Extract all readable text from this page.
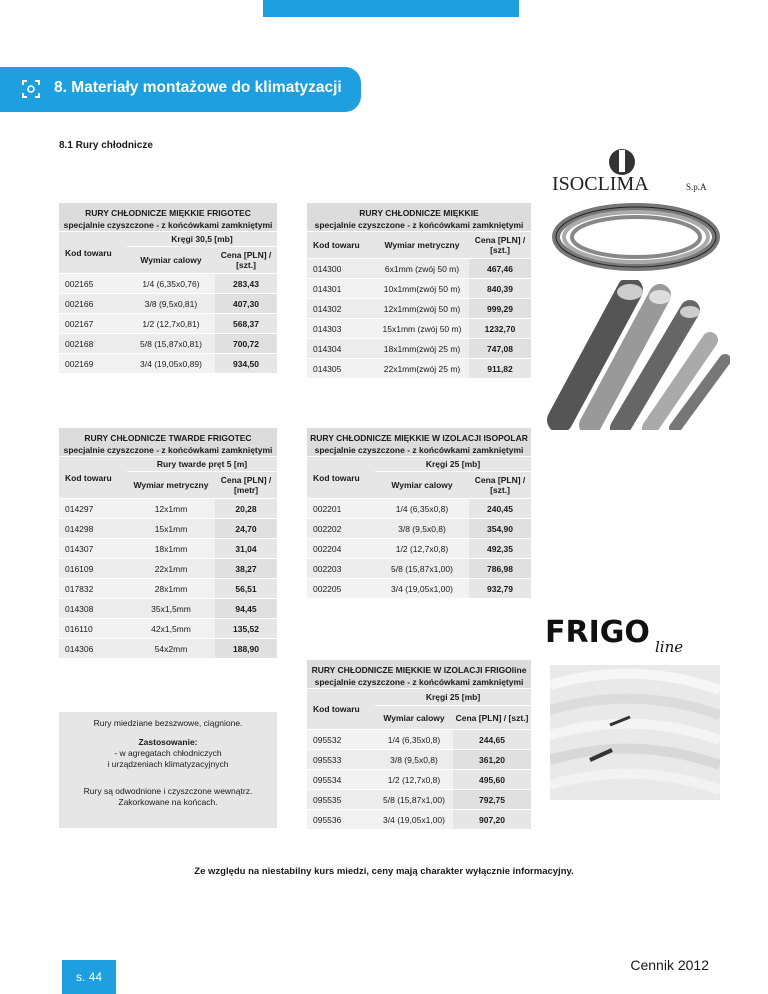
8. Materiały montażowe do klimatyzacji
8.1 Rury chłodnicze
ISOCLIMA	S.p.A
FRIGO line
RURY CHŁODNICZE MIĘKKIE FRIGOTEC
specjalnie czyszczone - z końcówkami zamkniętymi
Kod towaru	Kręgi 30,5 [mb]	
	Wymiar calowy	Cena [PLN] / [szt.]
002165	1/4 (6,35x0,76)	283,43
002166	3/8 (9,5x0,81)	407,30
002167	1/2 (12,7x0,81)	568,37
002168	5/8 (15,87x0,81)	700,72
002169	3/4 (19,05x0,89)	934,50
RURY CHŁODNICZE MIĘKKIE
specjalnie czyszczone - z końcówkami zamkniętymi
Kod towaru	Wymiar metryczny	Cena [PLN] / [szt.]
014300	6x1mm (zwój 50 m)	467,46
014301	10x1mm(zwój 50 m)	840,39
014302	12x1mm(zwój 50 m)	999,29
014303	15x1mm (zwój 50 m)	1232,70
014304	18x1mm(zwój 25 m)	747,08
014305	22x1mm(zwój 25 m)	911,82
RURY CHŁODNICZE TWARDE FRIGOTEC
specjalnie czyszczone - z końcówkami zamkniętymi
Kod towaru	Rury twarde pręt 5 [m]	
	Wymiar metryczny	Cena [PLN] / [metr]
014297	12x1mm	20,28
014298	15x1mm	24,70
014307	18x1mm	31,04
016109	22x1mm	38,27
017832	28x1mm	56,51
014308	35x1,5mm	94,45
016110	42x1,5mm	135,52
014306	54x2mm	188,90
RURY CHŁODNICZE MIĘKKIE W IZOLACJI ISOPOLAR
specjalnie czyszczone - z końcówkami zamkniętymi
Kod towaru	Kręgi 25 [mb]	
	Wymiar calowy	Cena [PLN] / [szt.]
002201	1/4 (6,35x0,8)	240,45
002202	3/8 (9,5x0,8)	354,90
002204	1/2 (12,7x0,8)	492,35
002203	5/8 (15,87x1,00)	786,98
002205	3/4 (19,05x1,00)	932,79
RURY CHŁODNICZE MIĘKKIE W IZOLACJI FRIGOline
specjalnie czyszczone - z końcówkami zamkniętymi
Kod towaru	Kręgi 25 [mb]	
	Wymiar calowy	Cena [PLN] / [szt.]
095532	1/4 (6,35x0,8)	244,65
095533	3/8 (9,5x0,8)	361,20
095534	1/2 (12,7x0,8)	495,60
095535	5/8 (15,87x1,00)	792,75
095536	3/4 (19,05x1,00)	907,20
Rury miedziane bezszwowe, ciągnione.
Zastosowanie:
- w agregatach chłodniczych
i urządzeniach klimatyzacyjnych
Rury są odwodnione i czyszczone wewnątrz.
Zakorkowane na końcach.
Ze względu na niestabilny kurs miedzi, ceny mają charakter wyłącznie informacyjny.
s. 44
Cennik 2012
